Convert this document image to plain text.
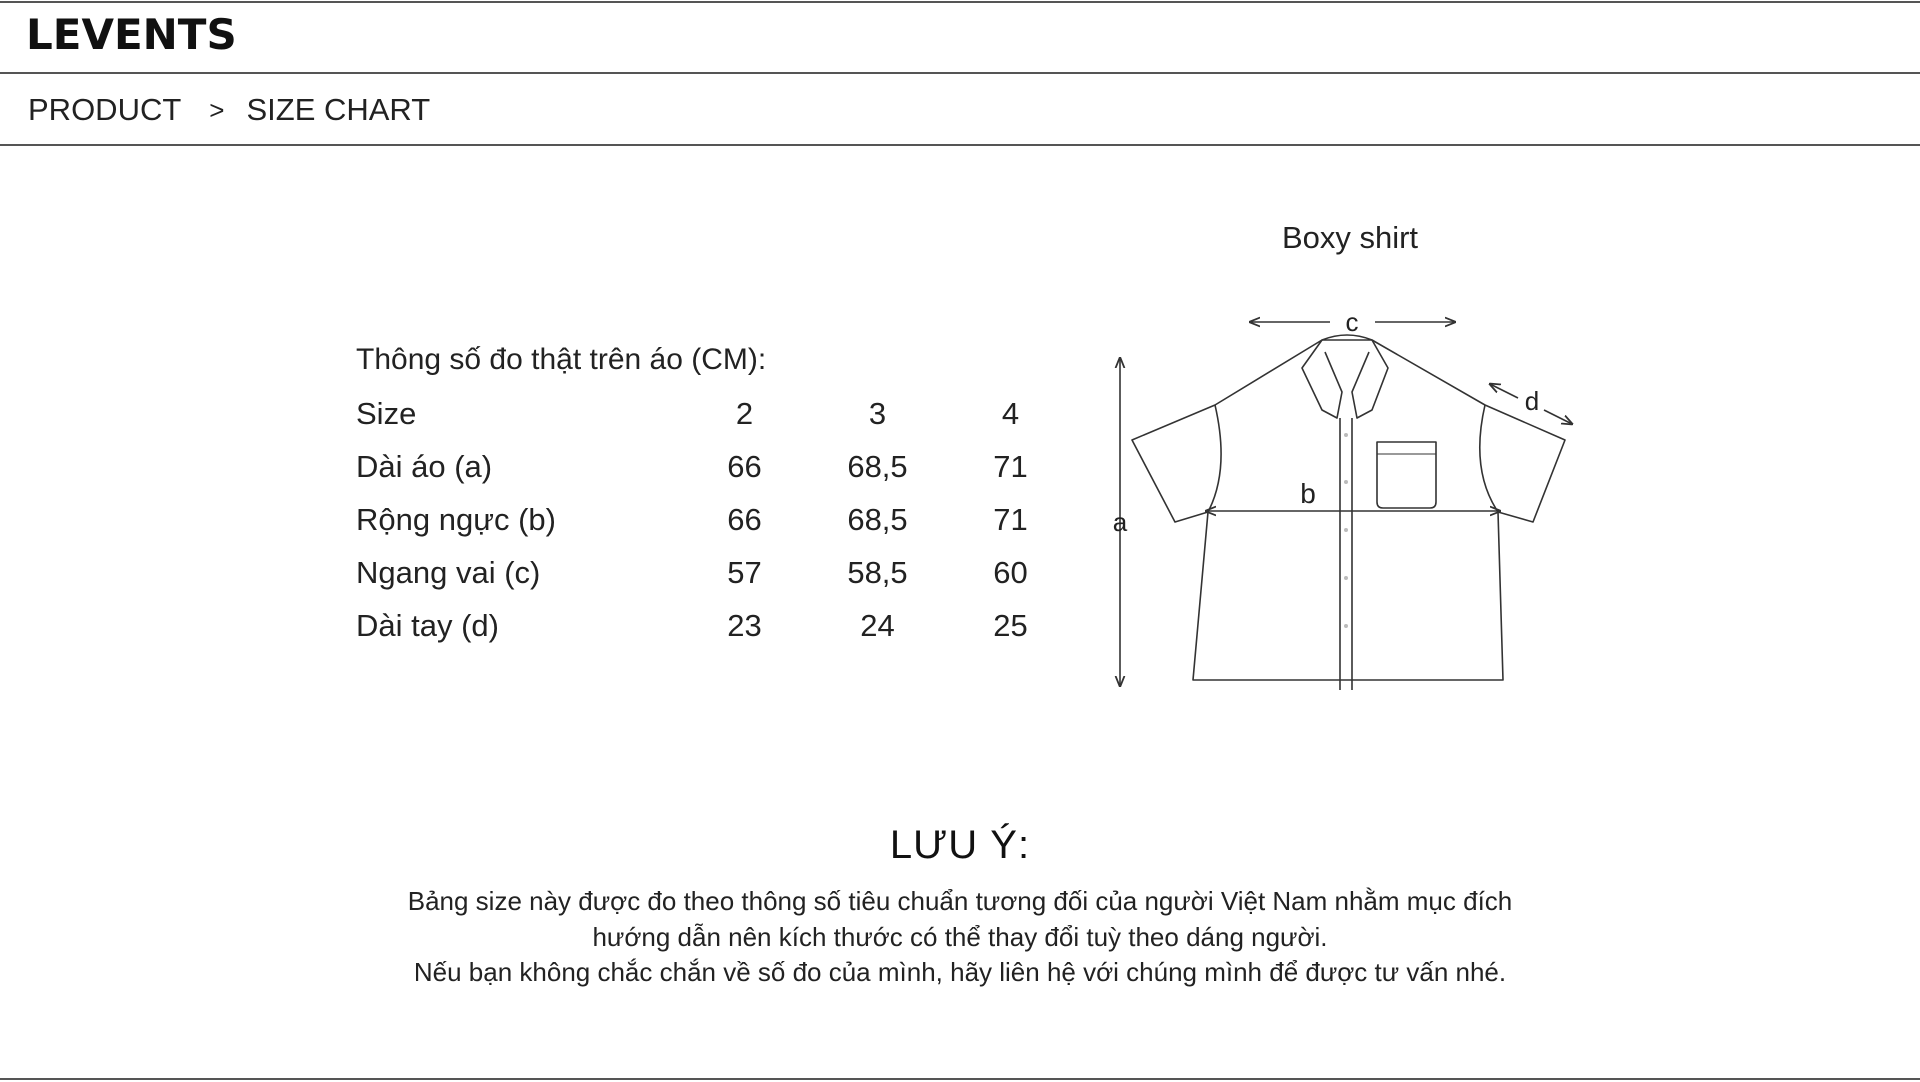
LEVENTS
PRODUCT > SIZE CHART
Thông số đo thật trên áo (CM):
Size	2	3	4
Dài áo (a)	66	68,5	71
Rộng ngực (b)	66	68,5	71
Ngang vai (c)	57	58,5	60
Dài tay (d)	23	24	25
Boxy shirt
a
b
c
d
LƯU Ý:
Bảng size này được đo theo thông số tiêu chuẩn tương đối của người Việt Nam nhằm mục đích
hướng dẫn nên kích thước có thể thay đổi tuỳ theo dáng người.
Nếu bạn không chắc chắn về số đo của mình, hãy liên hệ với chúng mình để được tư vấn nhé.
